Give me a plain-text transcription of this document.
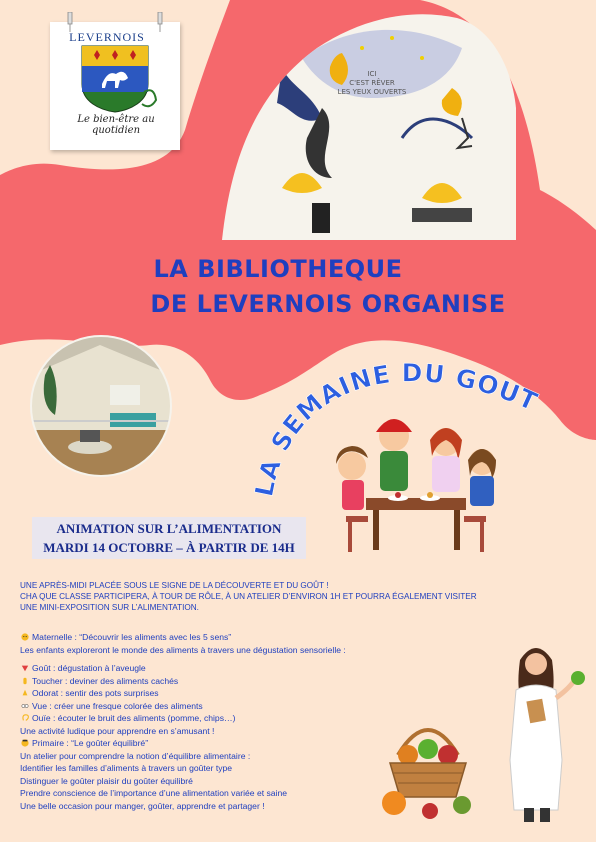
LEVERNOIS
Le bien-être au quotidien
ICI
C'EST RÊVER
LES YEUX OUVERTS
LA BIBLIOTHEQUE
DE LEVERNOIS ORGANISE
LA SEMAINE DU GOUT
ANIMATION SUR L’ALIMENTATION
MARDI 14 OCTOBRE – À PARTIR DE 14H
UNE APRÈS-MIDI PLACÉE SOUS LE SIGNE DE LA DÉCOUVERTE ET DU GOÛT !
CHA QUE CLASSE PARTICIPERA, À TOUR DE RÔLE, À UN ATELIER D’ENVIRON 1H ET POURRA ÉGALEMENT VISITER
UNE MINI-EXPOSITION SUR L’ALIMENTATION.
Maternelle : “Découvrir les aliments avec les 5 sens”
Les enfants exploreront le monde des aliments à travers une dégustation sensorielle :
Goût : dégustation à l’aveugle
Toucher : deviner des aliments cachés
Odorat : sentir des pots surprises
Vue : créer une fresque colorée des aliments
Ouïe : écouter le bruit des aliments (pomme, chips…)
Une activité ludique pour apprendre en s’amusant !
Primaire : “Le goûter équilibré”
Un atelier pour comprendre la notion d’équilibre alimentaire :
Identifier les familles d’aliments à travers un goûter type
Distinguer le goûter plaisir du goûter équilibré
Prendre conscience de l’importance d’une alimentation variée et saine
Une belle occasion pour manger, goûter, apprendre et partager !
